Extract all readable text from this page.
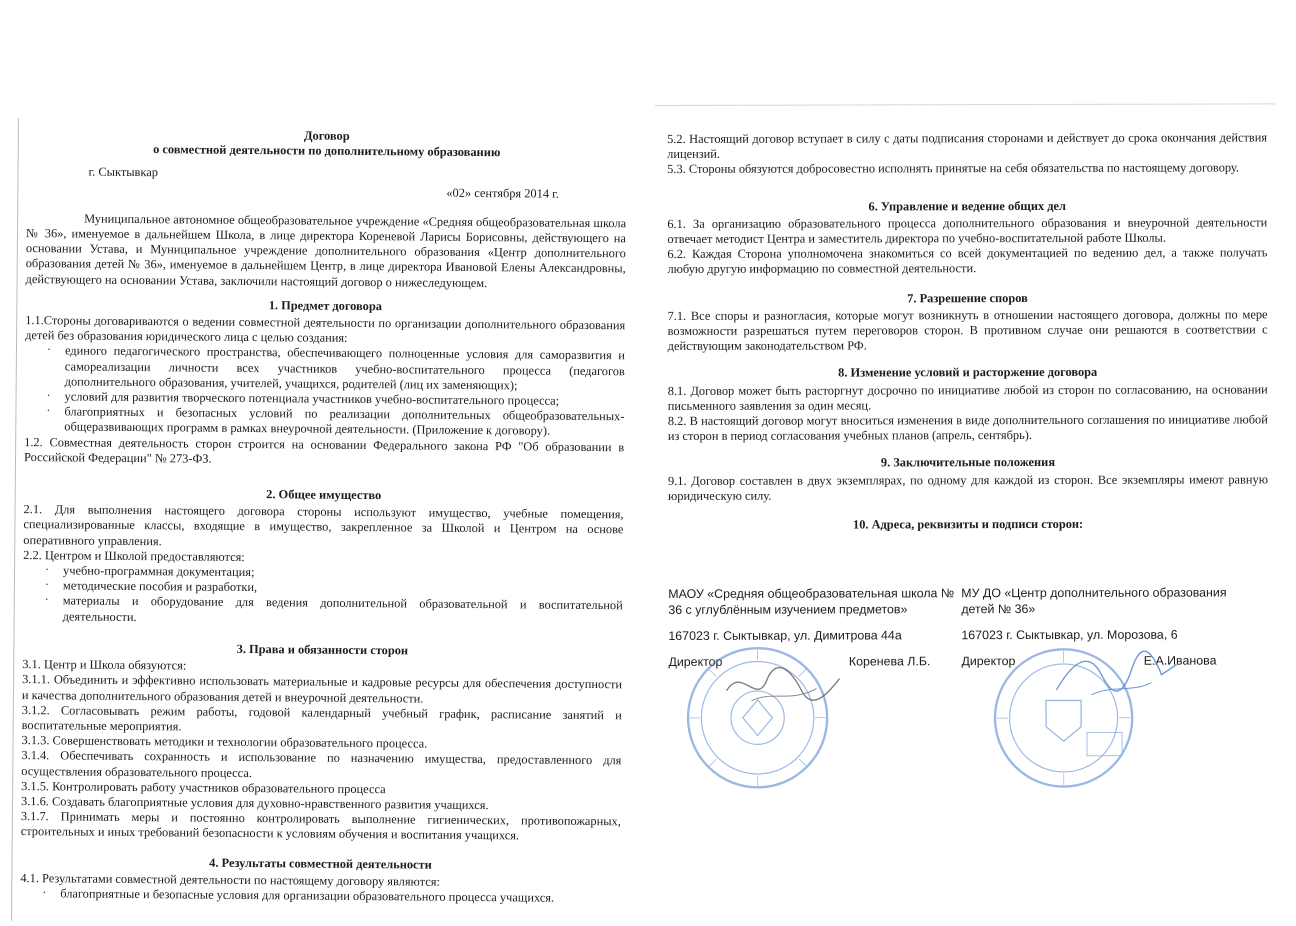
Договор

о совместной деятельности по дополнительному образованию

г. Сыктывкар
«02» сентября 2014 г.

Муниципальное автономное общеобразовательное учреждение «Средняя общеобразовательная школа № 36», именуемое в дальнейшем Школа, в лице директора Кореневой Ларисы Борисовны, действующего на основании Устава, и Муниципальное учреждение дополнительного образования «Центр дополнительного образования детей № 36», именуемое в дальнейшем Центр, в лице директора Ивановой Елены Александровны, действующего на основании Устава, заключили настоящий договор о нижеследующем.

1. Предмет договора

1.1.Стороны договариваются о ведении совместной деятельности по организации дополнительного образования детей без образования юридического лица с целью создания:

· единого педагогического пространства, обеспечивающего полноценные условия для саморазвития и самореализации личности всех участников учебно-воспитательного процесса (педагогов дополнительного образования, учителей, учащихся, родителей (лиц их заменяющих);

· условий для развития творческого потенциала участников учебно-воспитательного процесса;

· благоприятных и безопасных условий по реализации дополнительных общеобразовательных-общеразвивающих программ в рамках внеурочной деятельности. (Приложение к договору).

1.2. Совместная деятельность сторон строится на основании Федерального закона РФ "Об образовании в Российской Федерации" № 273-ФЗ.

2. Общее имущество

2.1. Для выполнения настоящего договора стороны используют имущество, учебные помещения, специализированные классы, входящие в имущество, закрепленное за Школой и Центром на основе оперативного управления.

2.2. Центром и Школой предоставляются:

· учебно-программная документация;

· методические пособия и разработки,

· материалы и оборудование для ведения дополнительной образовательной и воспитательной деятельности.

3. Права и обязанности сторон

3.1. Центр и Школа обязуются:

3.1.1. Объединить и эффективно использовать материальные и кадровые ресурсы для обеспечения доступности и качества дополнительного образования детей и внеурочной деятельности.

3.1.2. Согласовывать режим работы, годовой календарный учебный график, расписание занятий и воспитательные мероприятия.

3.1.3. Совершенствовать методики и технологии образовательного процесса.

3.1.4. Обеспечивать сохранность и использование по назначению имущества, предоставленного для осуществления образовательного процесса.

3.1.5. Контролировать работу участников образовательного процесса

3.1.6. Создавать благоприятные условия для духовно-нравственного развития учащихся.

3.1.7. Принимать меры и постоянно контролировать выполнение гигиенических, противопожарных, строительных и иных требований безопасности к условиям обучения и воспитания учащихся.

4. Результаты совместной деятельности

4.1. Результатами совместной деятельности по настоящему договору являются:

· благоприятные и безопасные условия для организации образовательного процесса учащихся.

5.2. Настоящий договор вступает в силу с даты подписания сторонами и действует до срока окончания действия лицензий.

5.3. Стороны обязуются добросовестно исполнять принятые на себя обязательства по настоящему договору.

6. Управление и ведение общих дел

6.1. За организацию образовательного процесса дополнительного образования и внеурочной деятельности отвечает методист Центра и заместитель директора по учебно-воспитательной работе Школы.

6.2. Каждая Сторона уполномочена знакомиться со всей документацией по ведению дел, а также получать любую другую информацию по совместной деятельности.

7. Разрешение споров

7.1. Все споры и разногласия, которые могут возникнуть в отношении настоящего договора, должны по мере возможности разрешаться путем переговоров сторон. В противном случае они решаются в соответствии с действующим законодательством РФ.

8. Изменение условий и расторжение договора

8.1. Договор может быть расторгнут досрочно по инициативе любой из сторон по согласованию, на основании письменного заявления за один месяц.

8.2. В настоящий договор могут вноситься изменения в виде дополнительного соглашения по инициативе любой из сторон в период согласования учебных планов (апрель, сентябрь).

9. Заключительные положения

9.1. Договор составлен в двух экземплярах, по одному для каждой из сторон. Все экземпляры имеют равную юридическую силу.

10. Адреса, реквизиты и подписи сторон:

МАОУ «Средняя общеобразовательная школа № 36 с углублённым изучением предметов»

167023 г. Сыктывкар, ул. Димитрова 44а

Директор	Коренева Л.Б.

МУ ДО «Центр дополнительного образования детей № 36»

167023 г. Сыктывкар, ул. Морозова, 6

Директор	Е.А.Иванова
